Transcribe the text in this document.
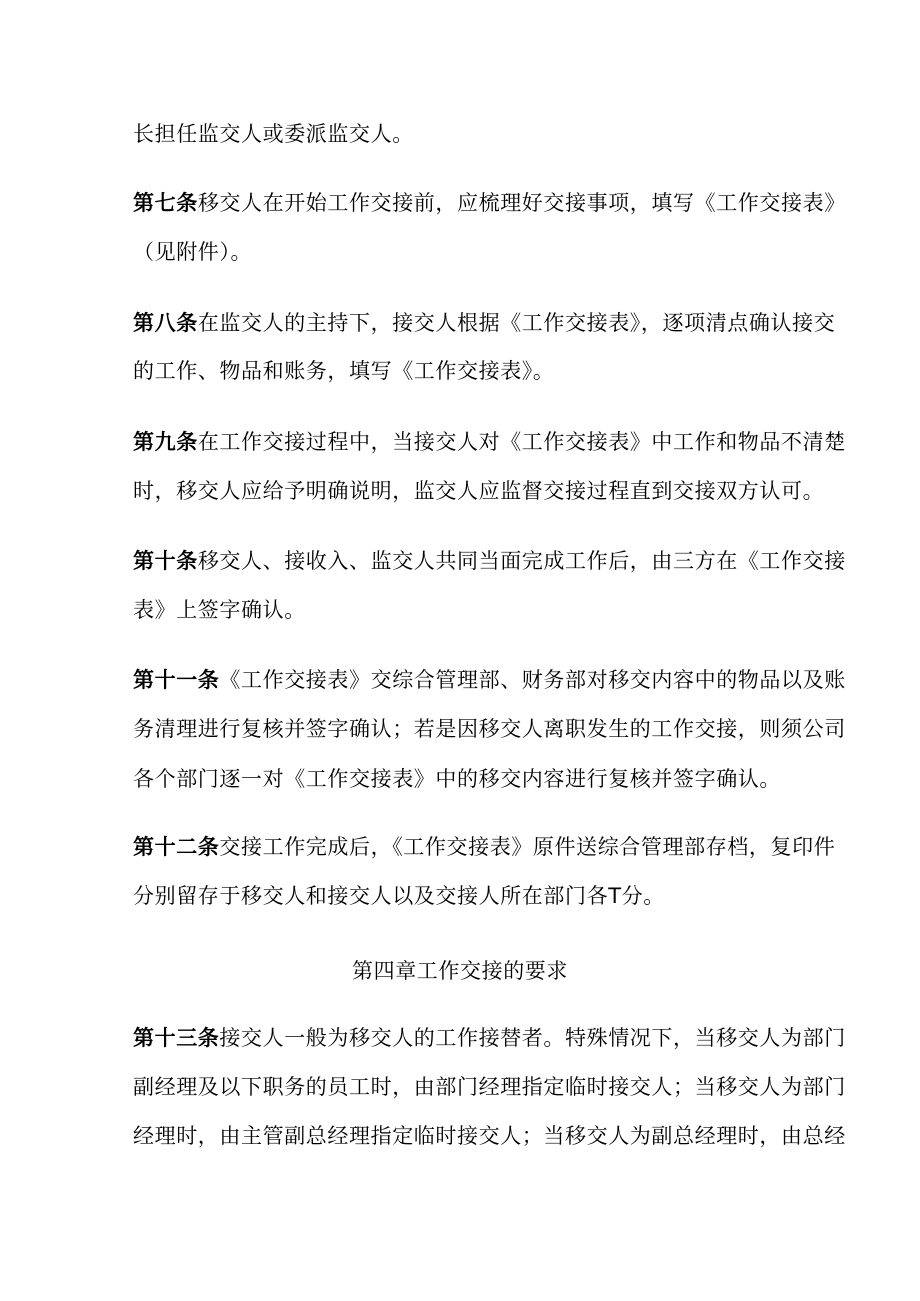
长担任监交人或委派监交人。
第七条移交人在开始工作交接前，应梳理好交接事项，填写《工作交接表》
（见附件）。
第八条在监交人的主持下，接交人根据《工作交接表》，逐项清点确认接交
的工作、物品和账务，填写《工作交接表》。
第九条在工作交接过程中，当接交人对《工作交接表》中工作和物品不清楚
时，移交人应给予明确说明，监交人应监督交接过程直到交接双方认可。
第十条移交人、接收入、监交人共同当面完成工作后，由三方在《工作交接
表》上签字确认。
第十一条《工作交接表》交综合管理部、财务部对移交内容中的物品以及账
务清理进行复核并签字确认；若是因移交人离职发生的工作交接，则须公司
各个部门逐一对《工作交接表》中的移交内容进行复核并签字确认。
第十二条交接工作完成后，《工作交接表》原件送综合管理部存档，复印件
分别留存于移交人和接交人以及交接人所在部门各T分。
第四章工作交接的要求
第十三条接交人一般为移交人的工作接替者。特殊情况下，当移交人为部门
副经理及以下职务的员工时，由部门经理指定临时接交人；当移交人为部门
经理时，由主管副总经理指定临时接交人；当移交人为副总经理时，由总经
